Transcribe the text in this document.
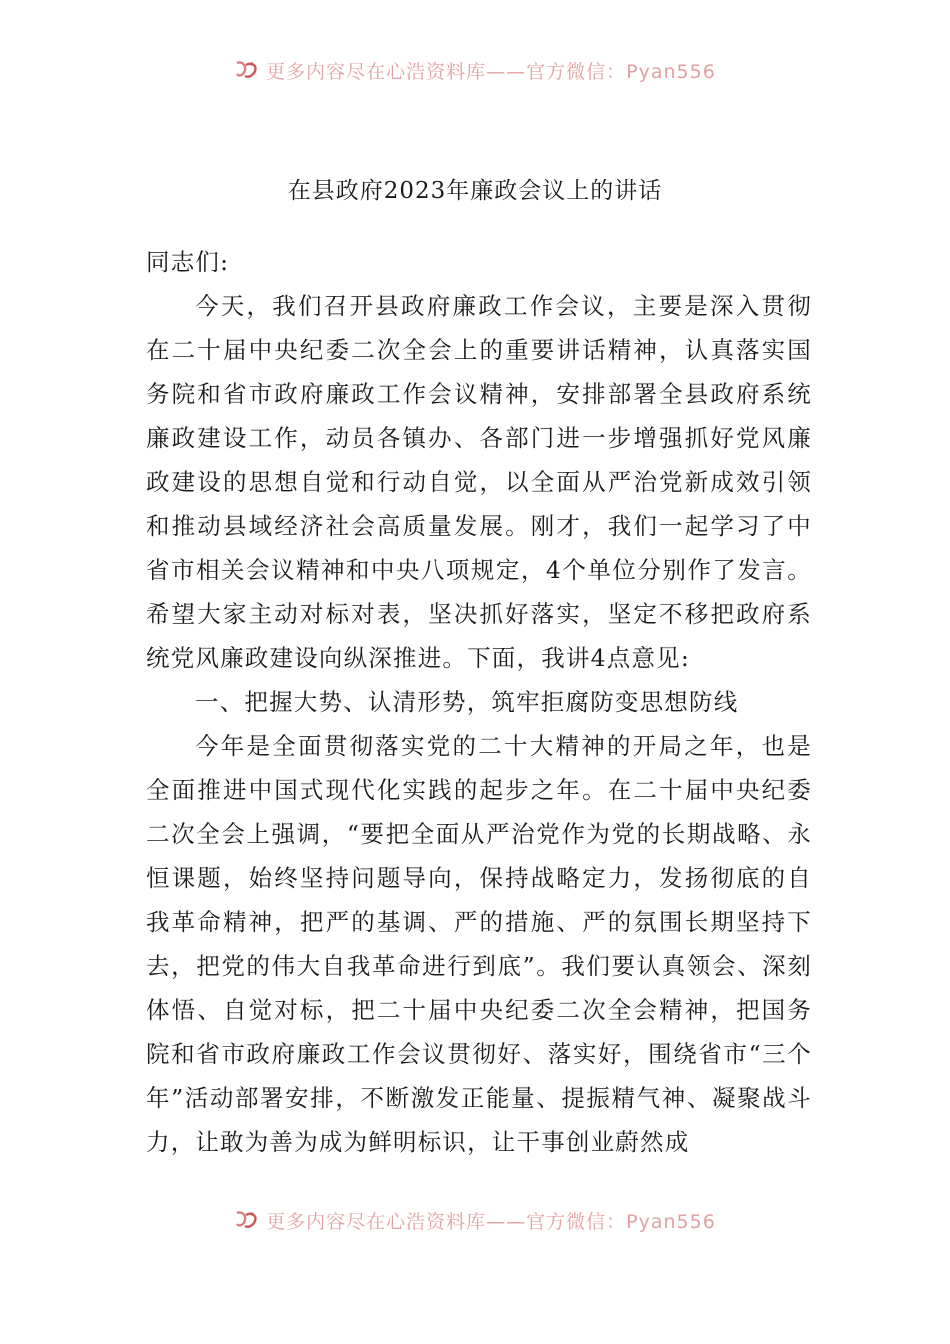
更多内容尽在心浩资料库——官方微信：Pyan556
在县政府2023年廉政会议上的讲话

同志们:

今天，我们召开县政府廉政工作会议，主要是深入贯彻在二十届中央纪委二次全会上的重要讲话精神，认真落实国务院和省市政府廉政工作会议精神，安排部署全县政府系统廉政建设工作，动员各镇办、各部门进一步增强抓好党风廉政建设的思想自觉和行动自觉，以全面从严治党新成效引领和推动县域经济社会高质量发展。刚才，我们一起学习了中省市相关会议精神和中央八项规定，4个单位分别作了发言。希望大家主动对标对表，坚决抓好落实，坚定不移把政府系统党风廉政建设向纵深推进。下面，我讲4点意见:

一、把握大势、认清形势，筑牢拒腐防变思想防线

今年是全面贯彻落实党的二十大精神的开局之年，也是全面推进中国式现代化实践的起步之年。在二十届中央纪委二次全会上强调，“要把全面从严治党作为党的长期战略、永恒课题，始终坚持问题导向，保持战略定力，发扬彻底的自我革命精神，把严的基调、严的措施、严的氛围长期坚持下去，把党的伟大自我革命进行到底”。我们要认真领会、深刻体悟、自觉对标，把二十届中央纪委二次全会精神，把国务院和省市政府廉政工作会议贯彻好、落实好，围绕省市“三个年”活动部署安排，不断激发正能量、提振精气神、凝聚战斗力，让敢为善为成为鲜明标识，让干事创业蔚然成

更多内容尽在心浩资料库——官方微信：Pyan556
